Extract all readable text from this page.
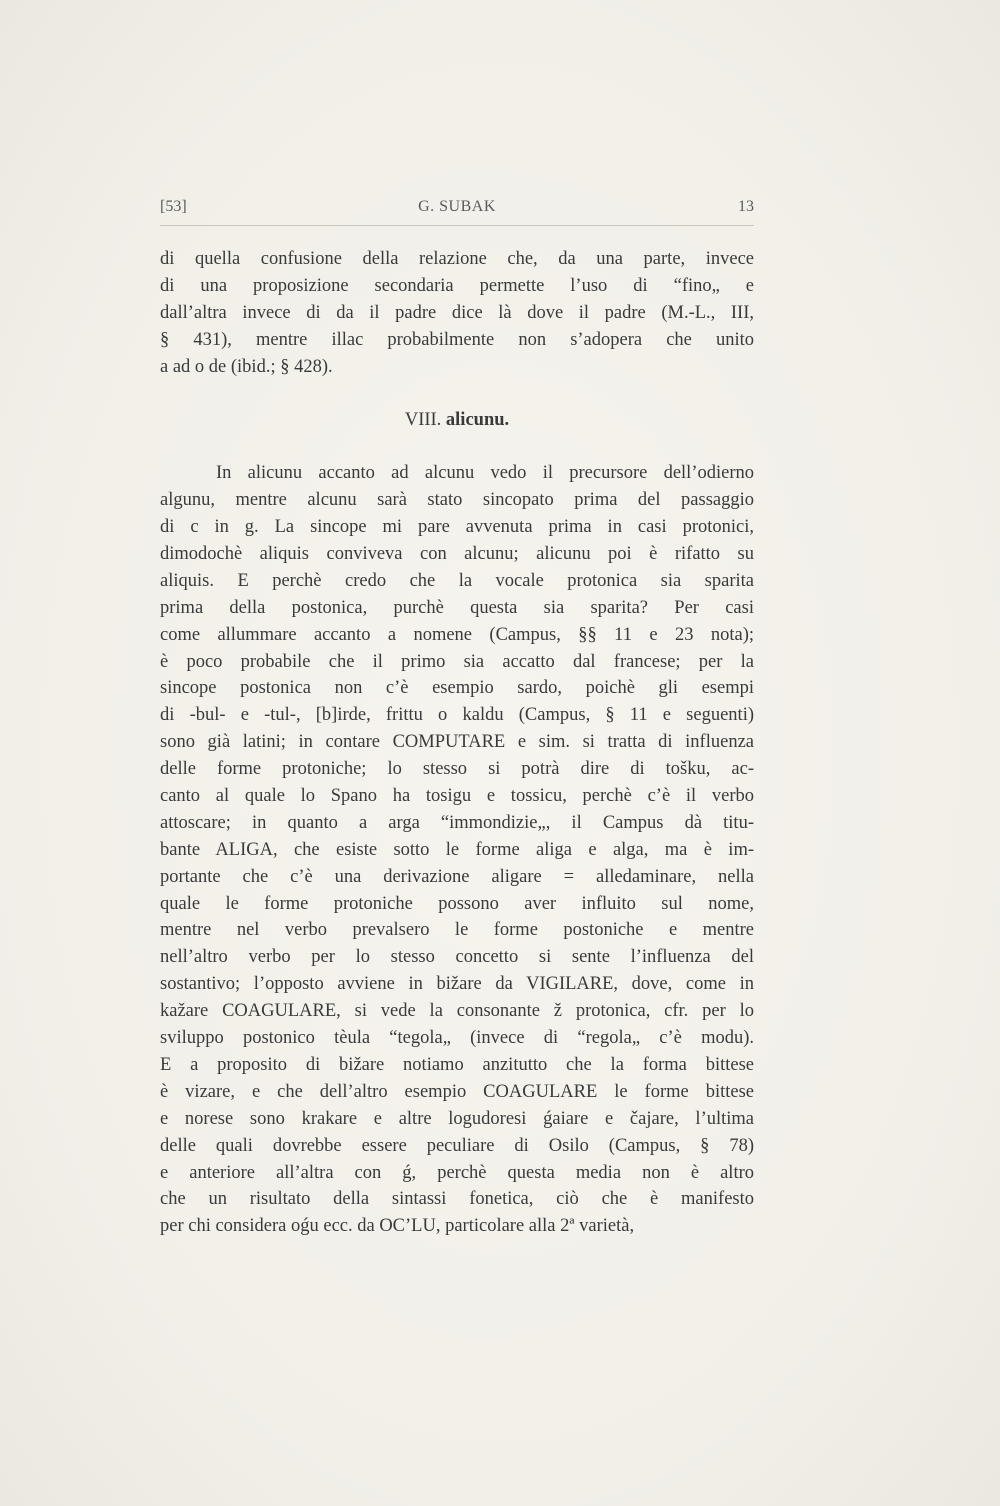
[53]	G. SUBAK	13
di quella confusione della relazione che, da una parte, invece
di una proposizione secondaria permette l’uso di “fino„ e
dall’altra invece di da il padre dice là dove il padre (M.-L., III,
§ 431), mentre illac probabilmente non s’adopera che unito
a ad o de (ibid.; § 428).
VIII. alicunu.
In alicunu accanto ad alcunu vedo il precursore dell’odierno
algunu, mentre alcunu sarà stato sincopato prima del passaggio
di c in g. La sincope mi pare avvenuta prima in casi protonici,
dimodochè aliquis conviveva con alcunu; alicunu poi è rifatto su
aliquis. E perchè credo che la vocale protonica sia sparita
prima della postonica, purchè questa sia sparita? Per casi
come allummare accanto a nomene (Campus, §§ 11 e 23 nota);
è poco probabile che il primo sia accatto dal francese; per la
sincope postonica non c’è esempio sardo, poichè gli esempi
di -bul- e -tul-, [b]irde, frittu o kaldu (Campus, § 11 e seguenti)
sono già latini; in contare COMPUTARE e sim. si tratta di influenza
delle forme protoniche; lo stesso si potrà dire di tošku, ac-
canto al quale lo Spano ha tosigu e tossicu, perchè c’è il verbo
attoscare; in quanto a arga “immondizie„, il Campus dà titu-
bante ALIGA, che esiste sotto le forme aliga e alga, ma è im-
portante che c’è una derivazione aligare = alledaminare, nella
quale le forme protoniche possono aver influito sul nome,
mentre nel verbo prevalsero le forme postoniche e mentre
nell’altro verbo per lo stesso concetto si sente l’influenza del
sostantivo; l’opposto avviene in bižare da VIGILARE, dove, come in
kažare COAGULARE, si vede la consonante ž protonica, cfr. per lo
sviluppo postonico tèula “tegola„ (invece di “regola„ c’è modu).
E a proposito di bižare notiamo anzitutto che la forma bittese
è vizare, e che dell’altro esempio COAGULARE le forme bittese
e norese sono krakare e altre logudoresi ǵaiare e čajare, l’ultima
delle quali dovrebbe essere peculiare di Osilo (Campus, § 78)
e anteriore all’altra con ǵ, perchè questa media non è altro
che un risultato della sintassi fonetica, ciò che è manifesto
per chi considera oǵu ecc. da OC’LU, particolare alla 2ª varietà,
